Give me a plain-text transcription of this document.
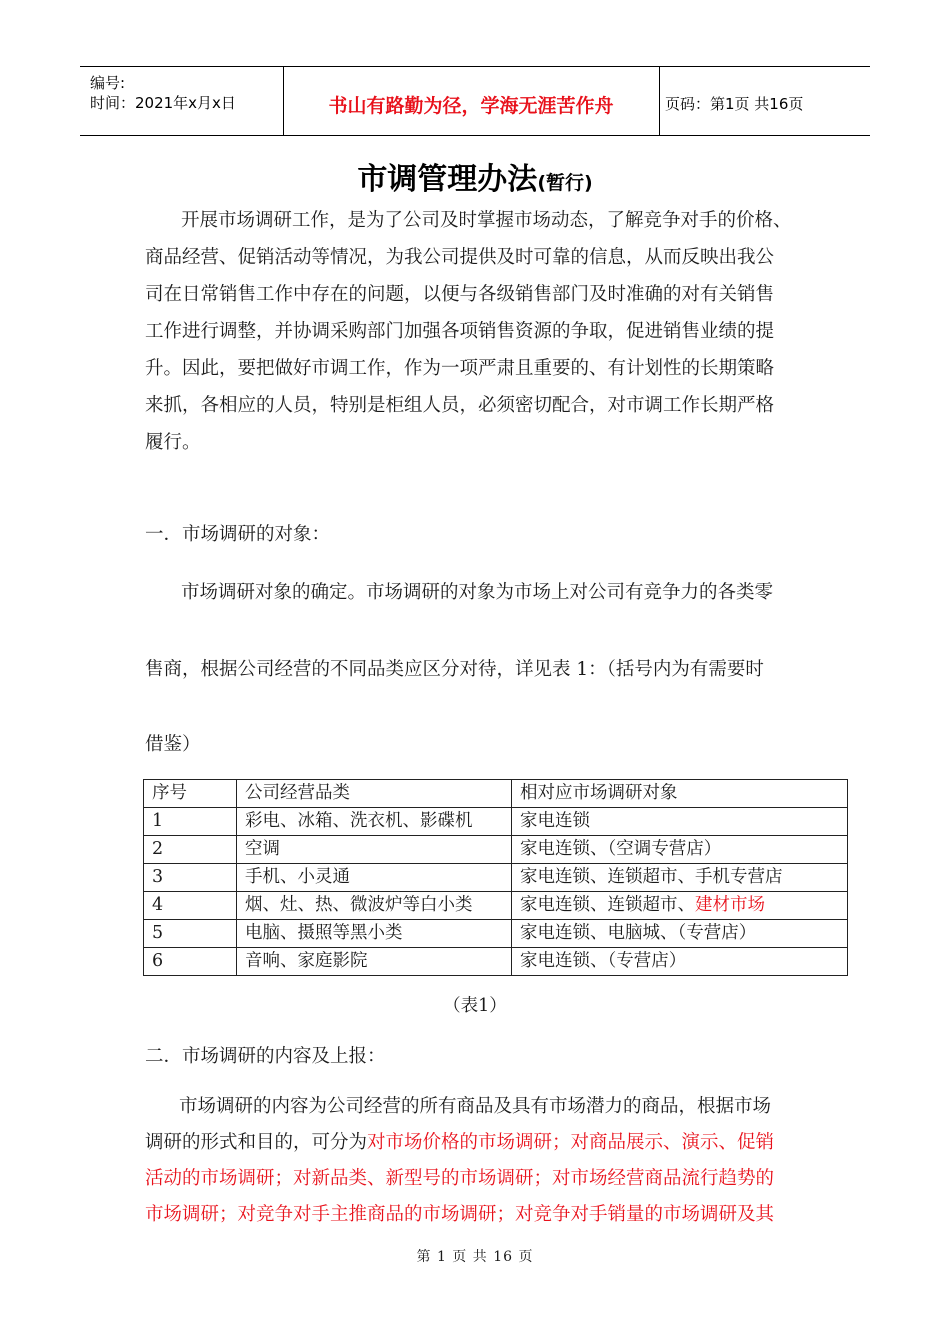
编号:
时间：2021年x月x日	书山有路勤为径，学海无涯苦作舟	页码：第1页 共16页
市调管理办法(暂行)
开展市场调研工作，是为了公司及时掌握市场动态，了解竞争对手的价格、
商品经营、促销活动等情况，为我公司提供及时可靠的信息，从而反映出我公
司在日常销售工作中存在的问题，以便与各级销售部门及时准确的对有关销售
工作进行调整，并协调采购部门加强各项销售资源的争取，促进销售业绩的提
升。因此，要把做好市调工作，作为一项严肃且重要的、有计划性的长期策略
来抓，各相应的人员，特别是柜组人员，必须密切配合，对市调工作长期严格
履行。
一．市场调研的对象：
市场调研对象的确定。市场调研的对象为市场上对公司有竞争力的各类零
售商，根据公司经营的不同品类应区分对待，详见表 1：（括号内为有需要时
借鉴）
序号	公司经营品类	相对应市场调研对象
1	彩电、冰箱、洗衣机、影碟机	家电连锁
2	空调	家电连锁、（空调专营店）
3	手机、小灵通	家电连锁、连锁超市、手机专营店
4	烟、灶、热、微波炉等白小类	家电连锁、连锁超市、建材市场
5	电脑、摄照等黑小类	家电连锁、电脑城、（专营店）
6	音响、家庭影院	家电连锁、（专营店）
（表1）
二．市场调研的内容及上报：
市场调研的内容为公司经营的所有商品及具有市场潜力的商品，根据市场
调研的形式和目的，可分为对市场价格的市场调研；对商品展示、演示、促销
活动的市场调研；对新品类、新型号的市场调研；对市场经营商品流行趋势的
市场调研；对竞争对手主推商品的市场调研；对竞争对手销量的市场调研及其
第 1 页 共 16 页
